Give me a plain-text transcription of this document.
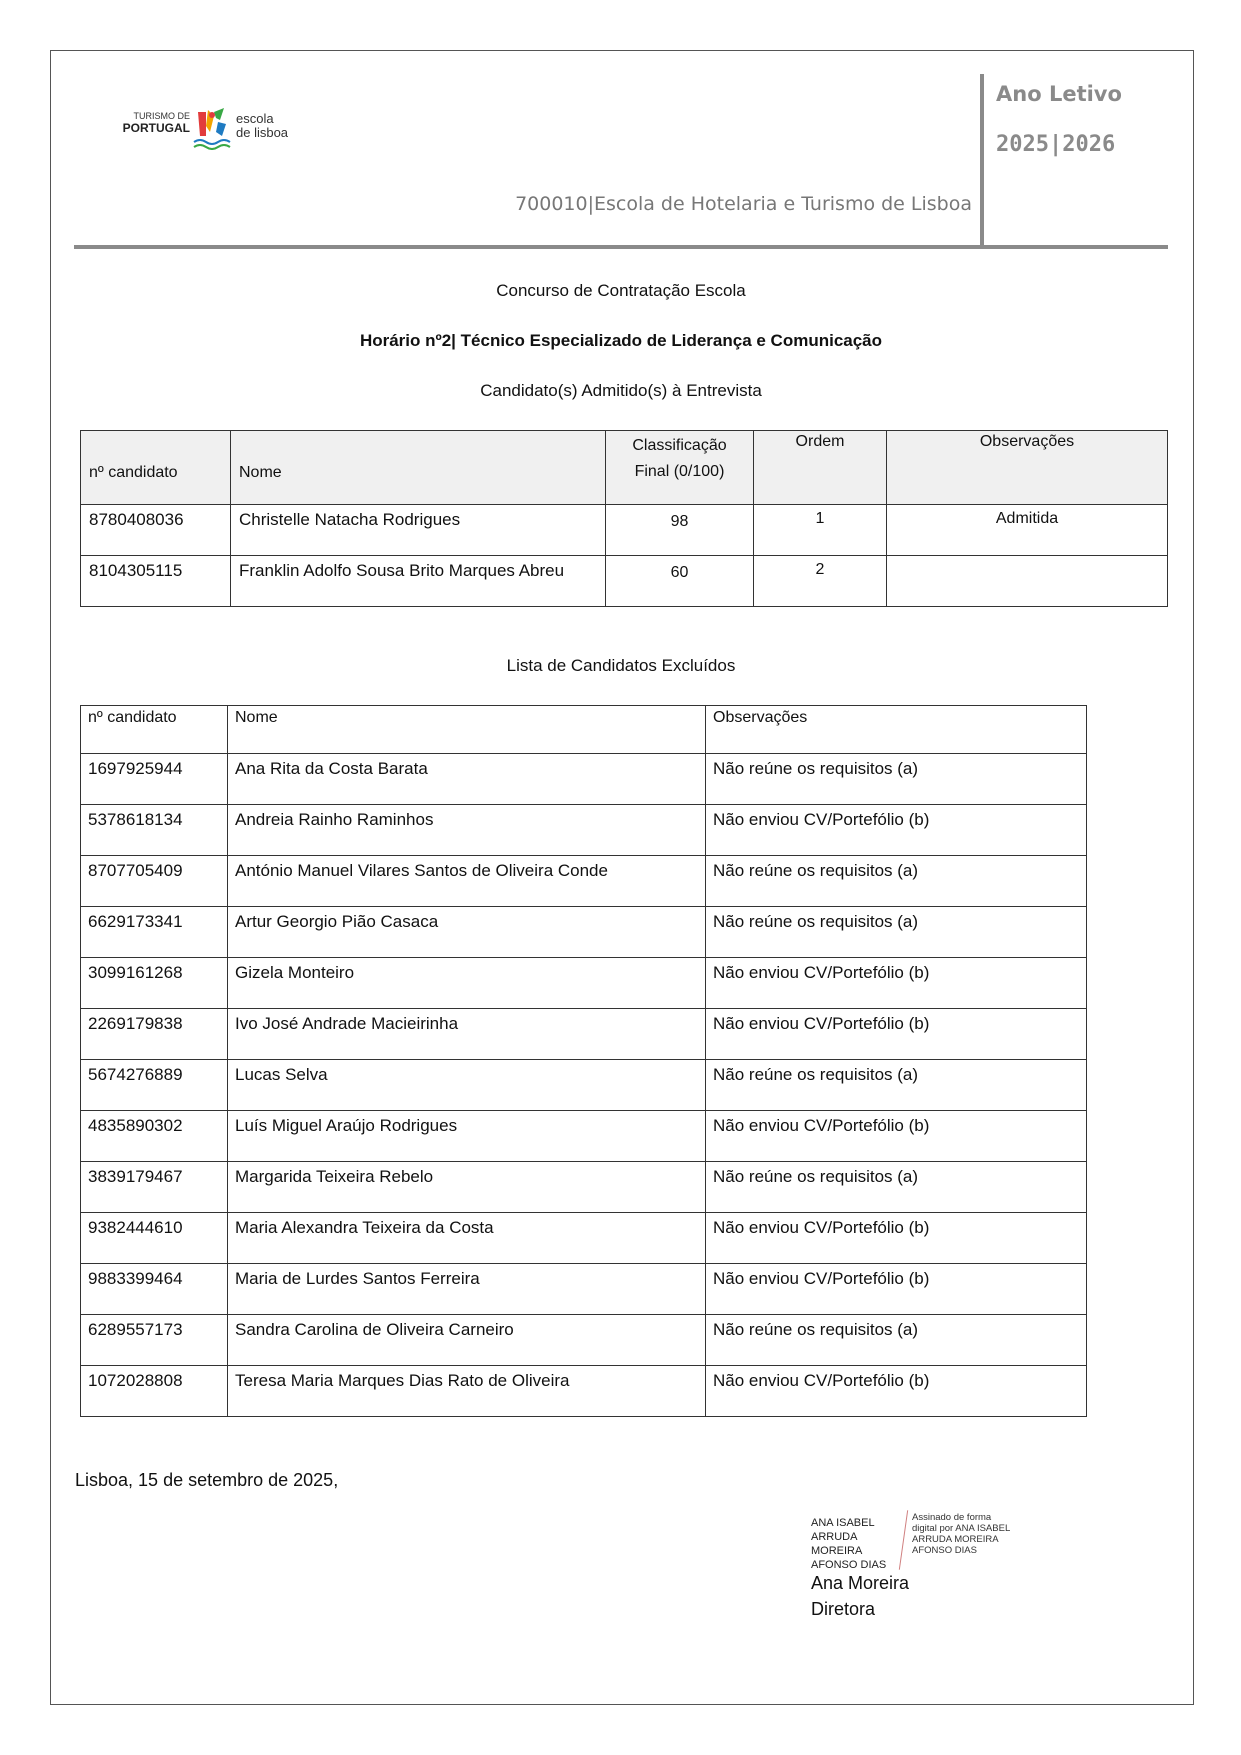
TURISMO DE
PORTUGAL
escola
de lisboa
700010|Escola de Hotelaria e Turismo de Lisboa
Ano Letivo
2025|2026
Concurso de Contratação Escola
Horário nº2| Técnico Especializado de Liderança e Comunicação
Candidato(s) Admitido(s) à Entrevista
nº candidato	Nome	Classificação Final (0/100)	Ordem	Observações
8780408036	Christelle Natacha Rodrigues	98	1	Admitida
8104305115	Franklin Adolfo Sousa Brito Marques Abreu	60	2	
Lista de Candidatos Excluídos
nº candidato	Nome	Observações
1697925944	Ana Rita da Costa Barata	Não reúne os requisitos (a)
5378618134	Andreia Rainho Raminhos	Não enviou CV/Portefólio (b)
8707705409	António Manuel Vilares Santos de Oliveira Conde	Não reúne os requisitos (a)
6629173341	Artur Georgio Pião Casaca	Não reúne os requisitos (a)
3099161268	Gizela Monteiro	Não enviou CV/Portefólio (b)
2269179838	Ivo José Andrade Macieirinha	Não enviou CV/Portefólio (b)
5674276889	Lucas Selva	Não reúne os requisitos (a)
4835890302	Luís Miguel Araújo Rodrigues	Não enviou CV/Portefólio (b)
3839179467	Margarida Teixeira Rebelo	Não reúne os requisitos (a)
9382444610	Maria Alexandra Teixeira da Costa	Não enviou CV/Portefólio (b)
9883399464	Maria de Lurdes Santos Ferreira	Não enviou CV/Portefólio (b)
6289557173	Sandra Carolina de Oliveira Carneiro	Não reúne os requisitos (a)
1072028808	Teresa Maria Marques Dias Rato de Oliveira	Não enviou CV/Portefólio (b)
Lisboa, 15 de setembro de 2025,
ANA ISABEL
ARRUDA MOREIRA
AFONSO DIAS
Assinado de forma
digital por ANA ISABEL
ARRUDA MOREIRA
AFONSO DIAS
Ana Moreira
Diretora
